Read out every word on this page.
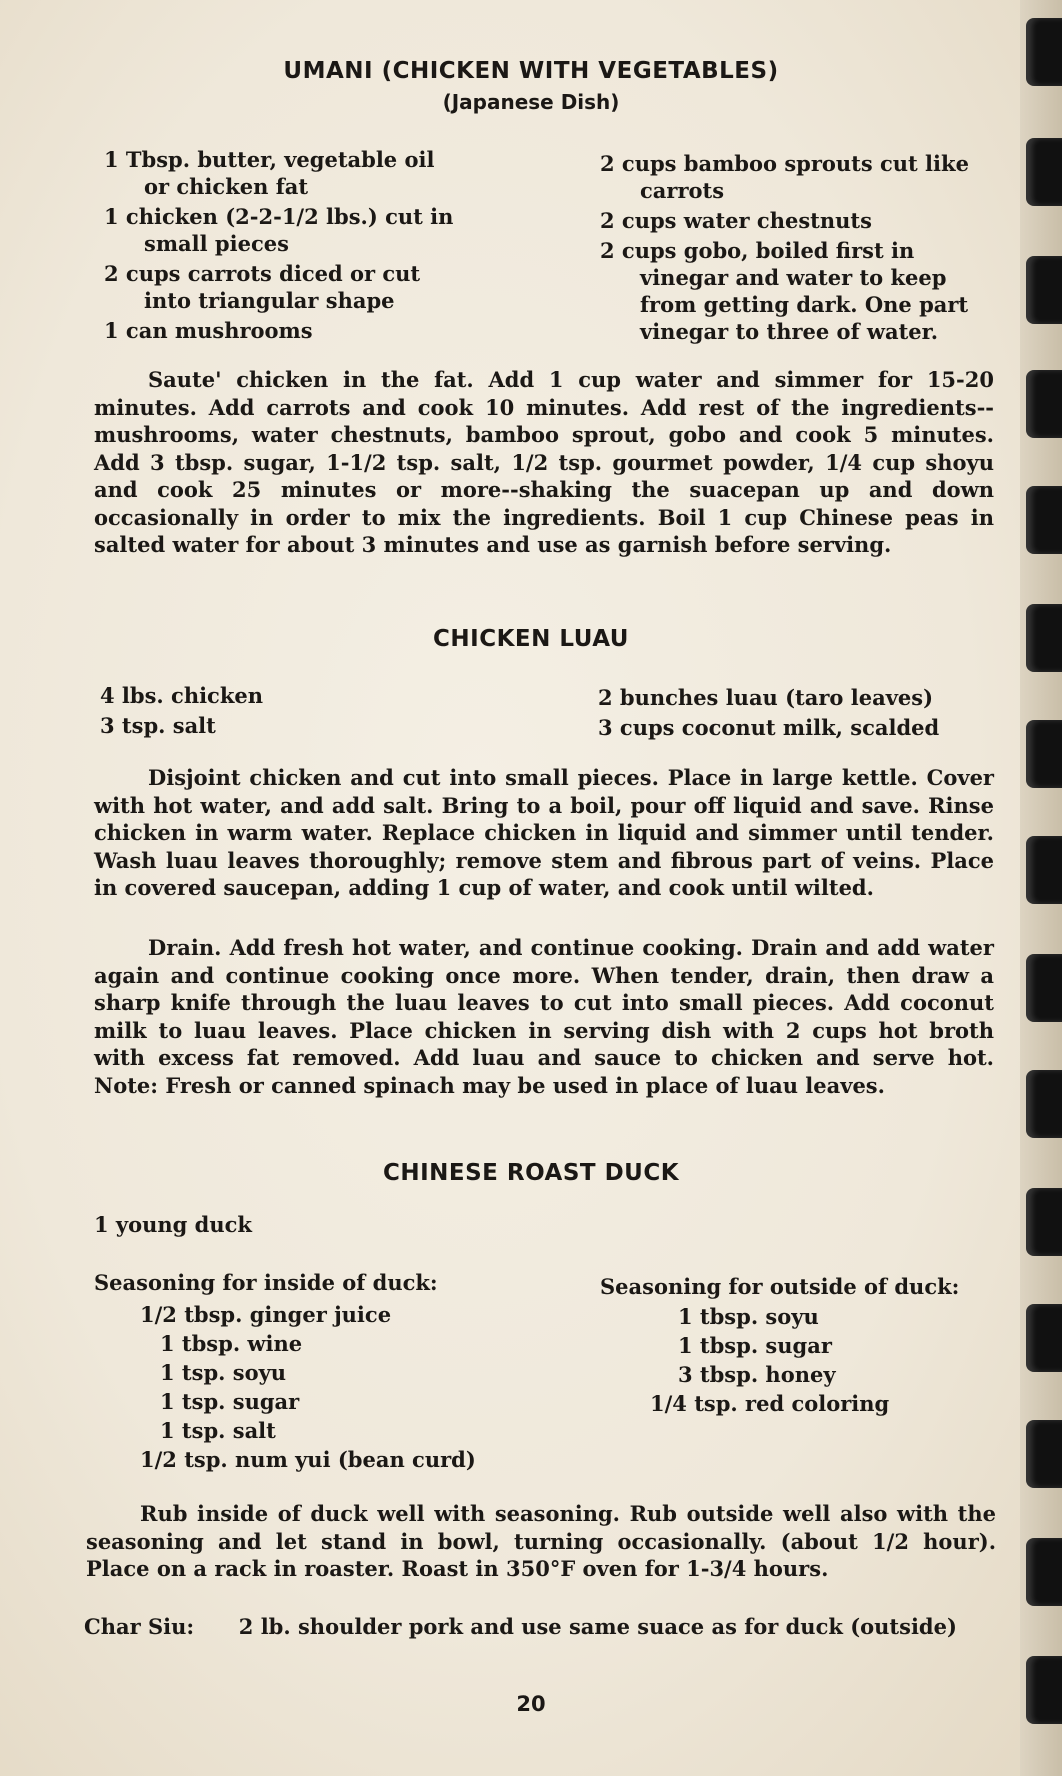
UMANI (CHICKEN WITH VEGETABLES)
(Japanese Dish)
1 Tbsp. butter, vegetable oil or chicken fat
1 chicken (2-2-1/2 lbs.) cut in small pieces
2 cups carrots diced or cut into triangular shape
1 can mushrooms
2 cups bamboo sprouts cut like carrots
2 cups water chestnuts
2 cups gobo, boiled first in vinegar and water to keep from getting dark. One part vinegar to three of water.

Saute' chicken in the fat. Add 1 cup water and simmer for 15-20 minutes. Add carrots and cook 10 minutes. Add rest of the ingredients--mushrooms, water chestnuts, bamboo sprout, gobo and cook 5 minutes. Add 3 tbsp. sugar, 1-1/2 tsp. salt, 1/2 tsp. gourmet powder, 1/4 cup shoyu and cook 25 minutes or more--shaking the suacepan up and down occasionally in order to mix the ingredients. Boil 1 cup Chinese peas in salted water for about 3 minutes and use as garnish before serving.

CHICKEN LUAU
4 lbs. chicken
3 tsp. salt
2 bunches luau (taro leaves)
3 cups coconut milk, scalded

Disjoint chicken and cut into small pieces. Place in large kettle. Cover with hot water, and add salt. Bring to a boil, pour off liquid and save. Rinse chicken in warm water. Replace chicken in liquid and simmer until tender. Wash luau leaves thoroughly; remove stem and fibrous part of veins. Place in covered saucepan, adding 1 cup of water, and cook until wilted.

Drain. Add fresh hot water, and continue cooking. Drain and add water again and continue cooking once more. When tender, drain, then draw a sharp knife through the luau leaves to cut into small pieces. Add coconut milk to luau leaves. Place chicken in serving dish with 2 cups hot broth with excess fat removed. Add luau and sauce to chicken and serve hot. Note: Fresh or canned spinach may be used in place of luau leaves.

CHINESE ROAST DUCK

1 young duck

Seasoning for inside of duck:

1/2 tbsp. ginger juice
1 tbsp. wine
1 tsp. soyu
1 tsp. sugar
1 tsp. salt
1/2 tsp. num yui (bean curd)

Seasoning for outside of duck:

1 tbsp. soyu
1 tbsp. sugar
3 tbsp. honey
1/4 tsp. red coloring

Rub inside of duck well with seasoning. Rub outside well also with the seasoning and let stand in bowl, turning occasionally. (about 1/2 hour). Place on a rack in roaster. Roast in 350°F oven for 1-3/4 hours.

Char Siu: 2 lb. shoulder pork and use same suace as for duck (outside)

20
